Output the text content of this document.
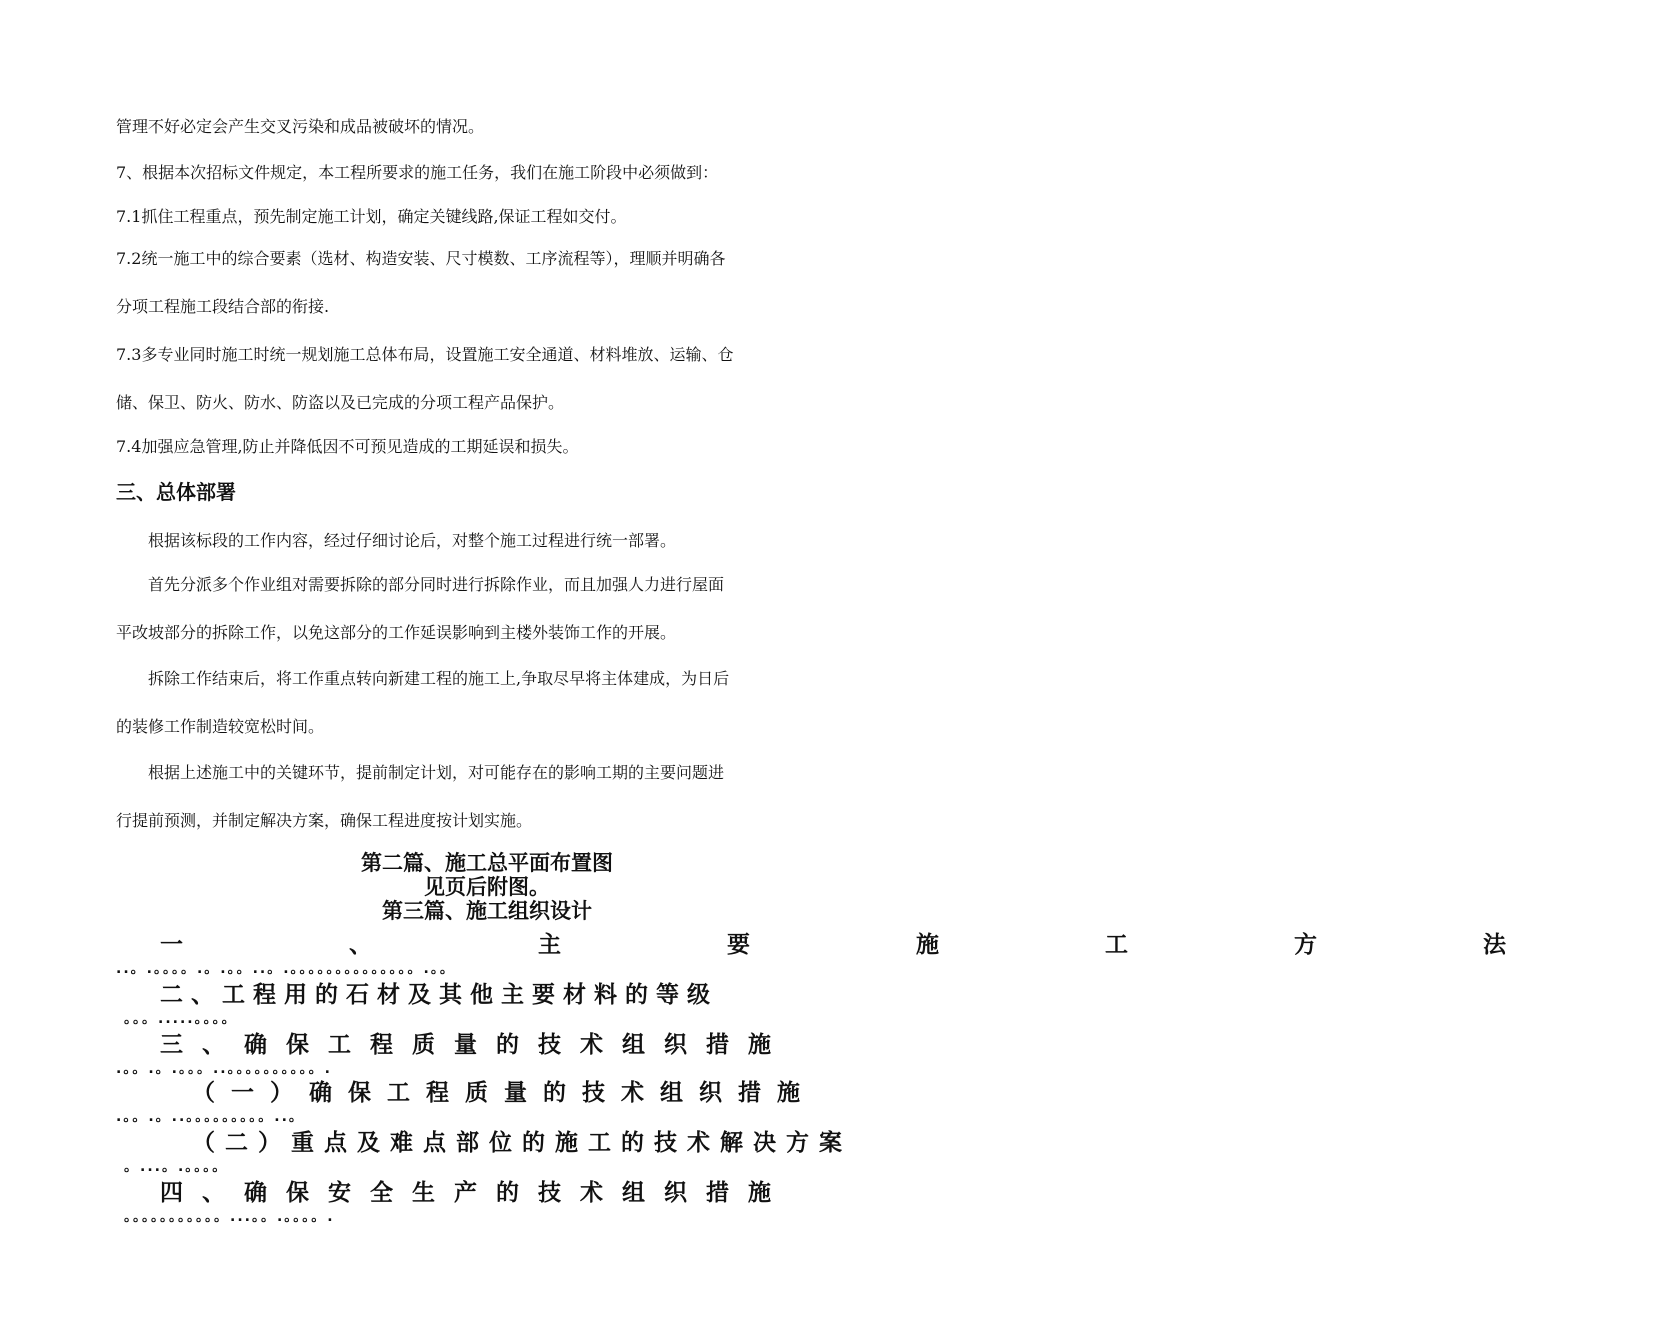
管理不好必定会产生交叉污染和成品被破坏的情况。
7、根据本次招标文件规定，本工程所要求的施工任务，我们在施工阶段中必须做到：
7.1抓住工程重点，预先制定施工计划，确定关键线路,保证工程如交付。
7.2统一施工中的综合要素（选材、构造安装、尺寸模数、工序流程等），理顺并明确各
分项工程施工段结合部的衔接.
7.3多专业同时施工时统一规划施工总体布局，设置施工安全通道、材料堆放、运输、仓
储、保卫、防火、防水、防盗以及已完成的分项工程产品保护。
7.4加强应急管理,防止并降低因不可预见造成的工期延误和损失。
三、总体部署
根据该标段的工作内容，经过仔细讨论后，对整个施工过程进行统一部署。
首先分派多个作业组对需要拆除的部分同时进行拆除作业，而且加强人力进行屋面
平改坡部分的拆除工作，以免这部分的工作延误影响到主楼外装饰工作的开展。
拆除工作结束后，将工作重点转向新建工程的施工上,争取尽早将主体建成，为日后
的装修工作制造较宽松时间。
根据上述施工中的关键环节，提前制定计划，对可能存在的影响工期的主要问题进
行提前预测，并制定解决方案，确保工程进度按计划实施。
第二篇、施工总平面布置图
见页后附图。
第三篇、施工组织设计
一、主要施工方法
..。.。。。。.。.。。..。.。。。。。。。。。。。。。。.。。
二、工程用的石材及其他主要材料的等级
。。。.....。。。。
三、确保工程质量的技术组织措施
.。。.。.。。。..。。。。。。。。。。.
（一）确保工程质量的技术组织措施
.。。.。..。。。。。。。。。..。
（二）重点及难点部位的施工的技术解决方案
。...。.。。。。
四、确保安全生产的技术组织措施
。。。。。。。。。。。...。。.。。。。.
